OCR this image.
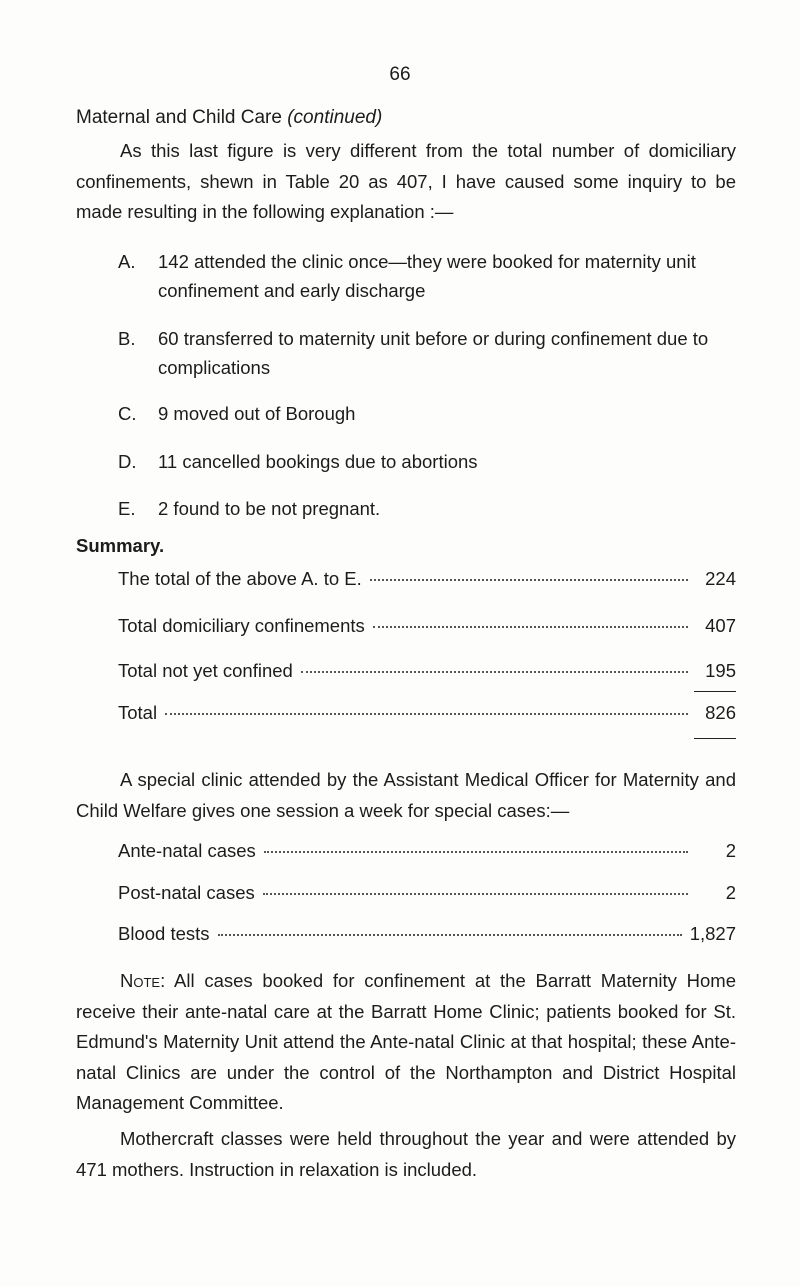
66
Maternal and Child Care (continued)

As this last figure is very different from the total number of domiciliary confinements, shewn in Table 20 as 407, I have caused some inquiry to be made resulting in the following explanation :—

A.	142 attended the clinic once—they were booked for maternity unit confinement and early discharge
B.	60 transferred to maternity unit before or during confinement due to complications
C.	9 moved out of Borough
D.	11 cancelled bookings due to abortions
E.	2 found to be not pregnant.
Summary.
The total of the above A. to E.	224
Total domiciliary confinements	407
Total not yet confined	195
Total	826

A special clinic attended by the Assistant Medical Officer for Maternity and Child Welfare gives one session a week for special cases:—

Ante-natal cases	2
Post-natal cases	2
Blood tests	1,827

Note: All cases booked for confinement at the Barratt Maternity Home receive their ante-natal care at the Barratt Home Clinic; patients booked for St. Edmund's Maternity Unit attend the Ante-natal Clinic at that hospital; these Ante-natal Clinics are under the control of the Northampton and District Hospital Management Committee.

Mothercraft classes were held throughout the year and were attended by 471 mothers. Instruction in relaxation is included.
